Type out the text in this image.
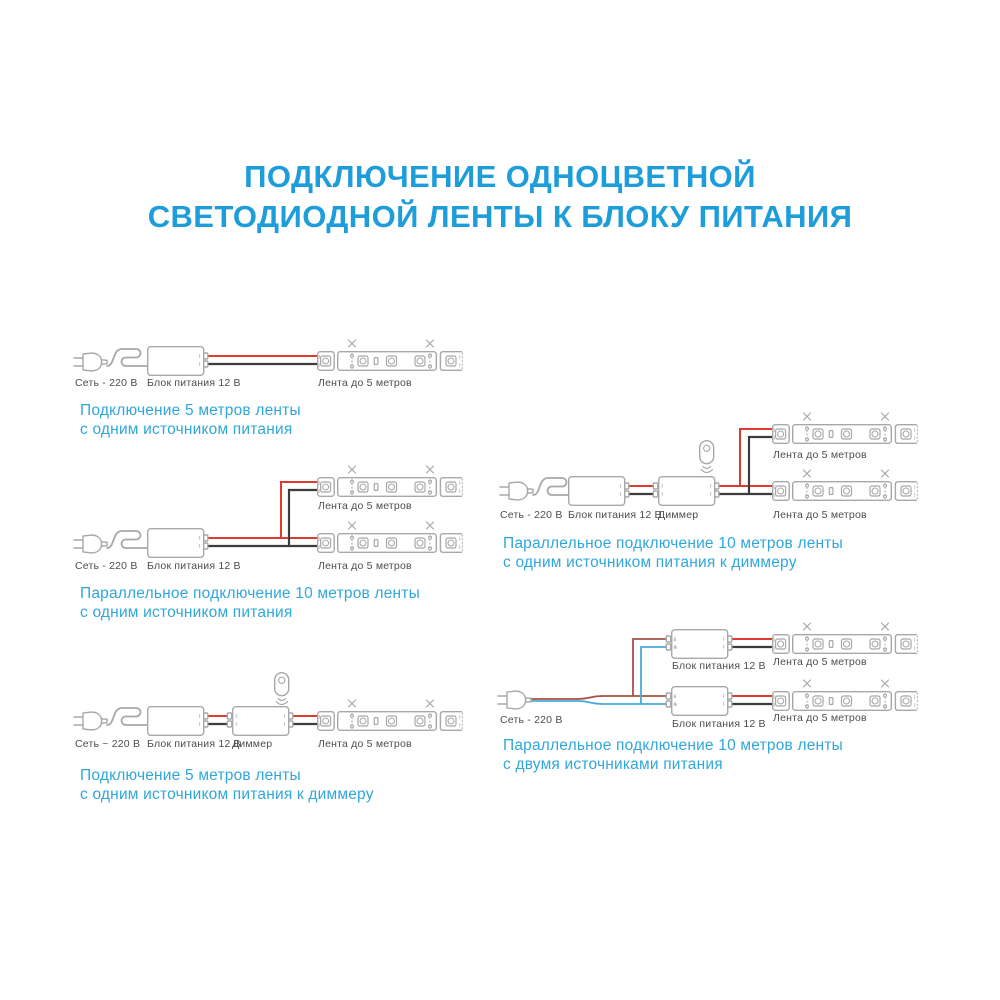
ПОДКЛЮЧЕНИЕ ОДНОЦВЕТНОЙ
СВЕТОДИОДНОЙ ЛЕНТЫ К БЛОКУ ПИТАНИЯ
L
N
L
N
Сеть - 220 В Блок питания 12 В	Лента до 5 метров
Подключение 5 метров ленты
с одним источником питания
Лента до 5 метров
Сеть - 220 В Блок питания 12 В	Лента до 5 метров
Параллельное подключение 10 метров ленты
с одним источником питания
Сеть ~ 220 В Блок питания 12 В
Диммер	Лента до 5 метров
Подключение 5 метров ленты
с одним источником питания к диммеру
Лента до 5 метров
Сеть - 220 В Блок питания 12 В
Диммер	Лента до 5 метров
Параллельное подключение 10 метров ленты
с одним источником питания к диммеру
Блок питания 12 В Лента до 5 метров
Сеть - 220 В	Блок питания 12 В Лента до 5 метров
Параллельное подключение 10 метров ленты
с двумя источниками питания
